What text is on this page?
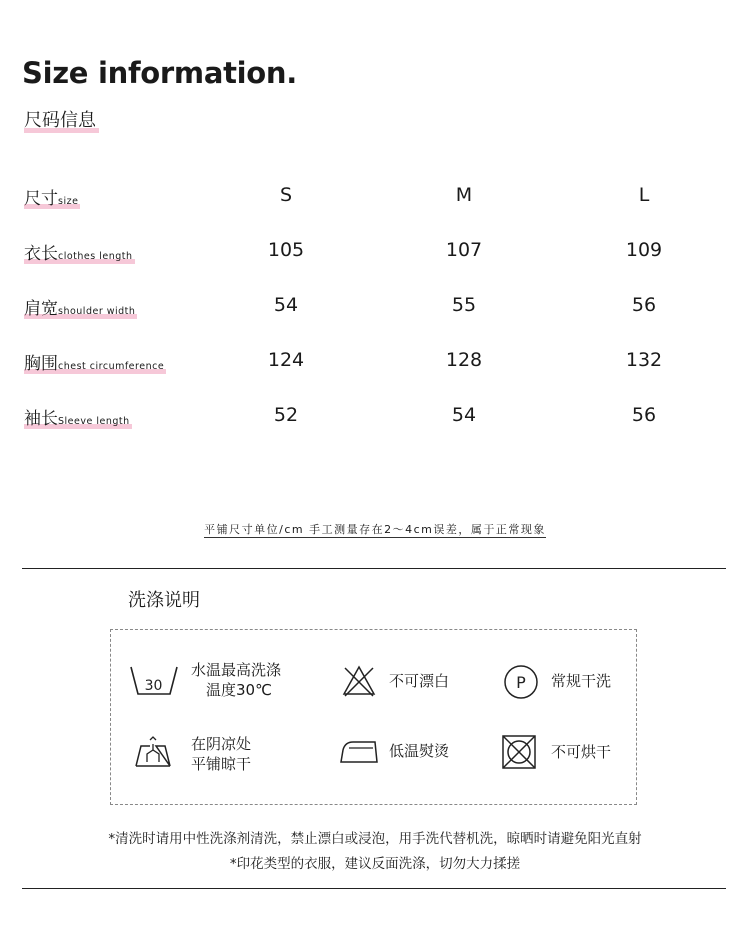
Size information.
尺码信息
尺寸size	S	M	L
衣长clothes length	105	107	109
肩宽shoulder width	54	55	56
胸围chest circumference	124	128	132
袖长Sleeve length	52	54	56
平铺尺寸单位/cm 手工测量存在2～4cm误差，属于正常现象
洗涤说明
30
水温最高洗涤
温度30℃	不可漂白	P 常规干洗
在阴凉处
平铺晾干
低温熨烫	不可烘干
*清洗时请用中性洗涤剂清洗，禁止漂白或浸泡，用手洗代替机洗，晾晒时请避免阳光直射
*印花类型的衣服，建议反面洗涤，切勿大力揉搓
